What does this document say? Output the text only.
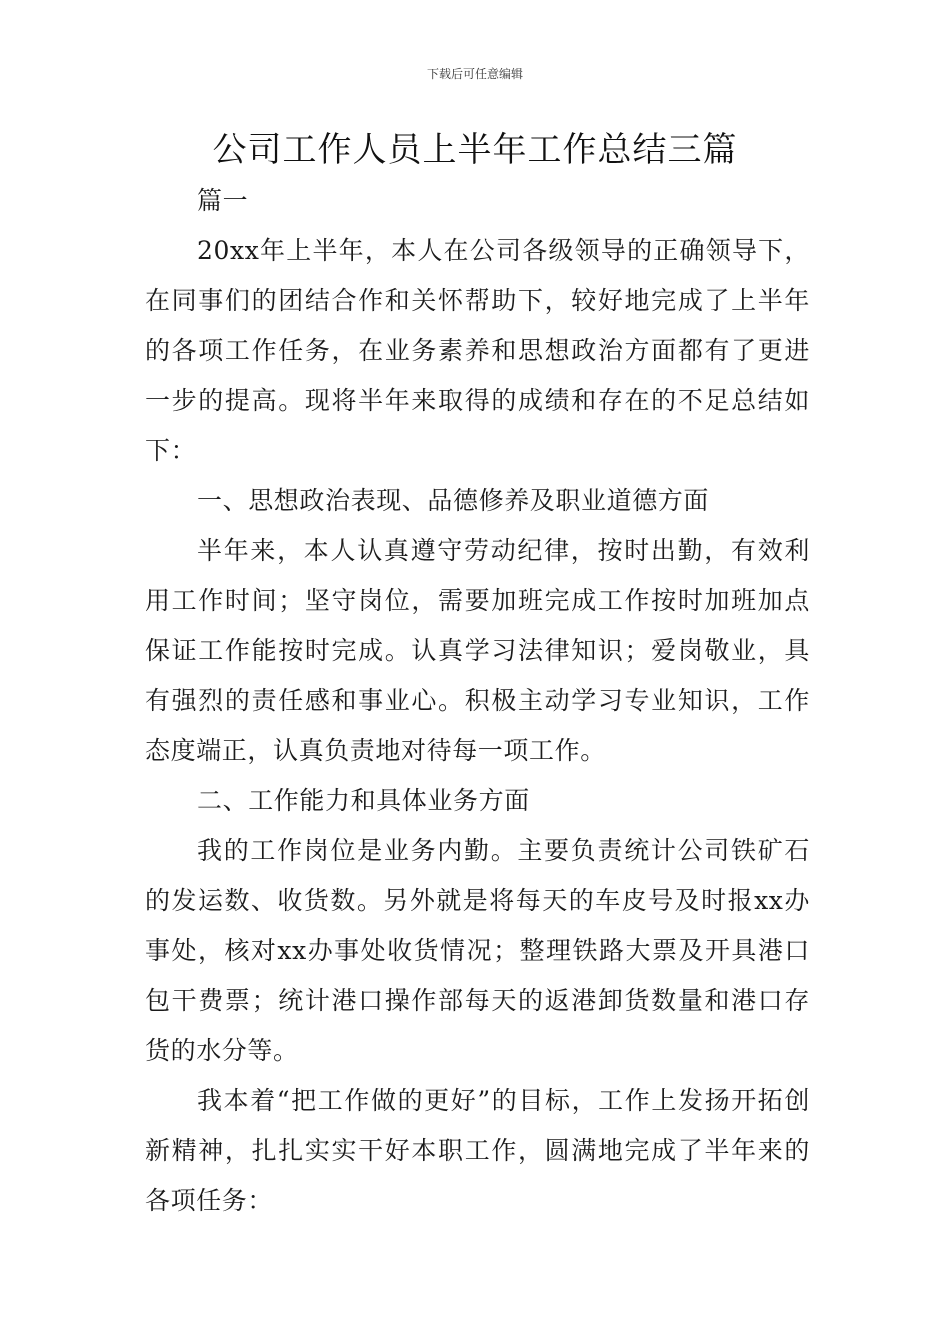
下载后可任意编辑
公司工作人员上半年工作总结三篇

篇一

20xx年上半年，本人在公司各级领导的正确领导下，在同事们的团结合作和关怀帮助下，较好地完成了上半年的各项工作任务，在业务素养和思想政治方面都有了更进一步的提高。现将半年来取得的成绩和存在的不足总结如下：

一、思想政治表现、品德修养及职业道德方面

半年来，本人认真遵守劳动纪律，按时出勤，有效利用工作时间；坚守岗位，需要加班完成工作按时加班加点保证工作能按时完成。认真学习法律知识；爱岗敬业，具有强烈的责任感和事业心。积极主动学习专业知识，工作态度端正，认真负责地对待每一项工作。

二、工作能力和具体业务方面

我的工作岗位是业务内勤。主要负责统计公司铁矿石的发运数、收货数。另外就是将每天的车皮号及时报xx办事处，核对xx办事处收货情况；整理铁路大票及开具港口包干费票；统计港口操作部每天的返港卸货数量和港口存货的水分等。

我本着“把工作做的更好”的目标，工作上发扬开拓创新精神，扎扎实实干好本职工作，圆满地完成了半年来的各项任务：
